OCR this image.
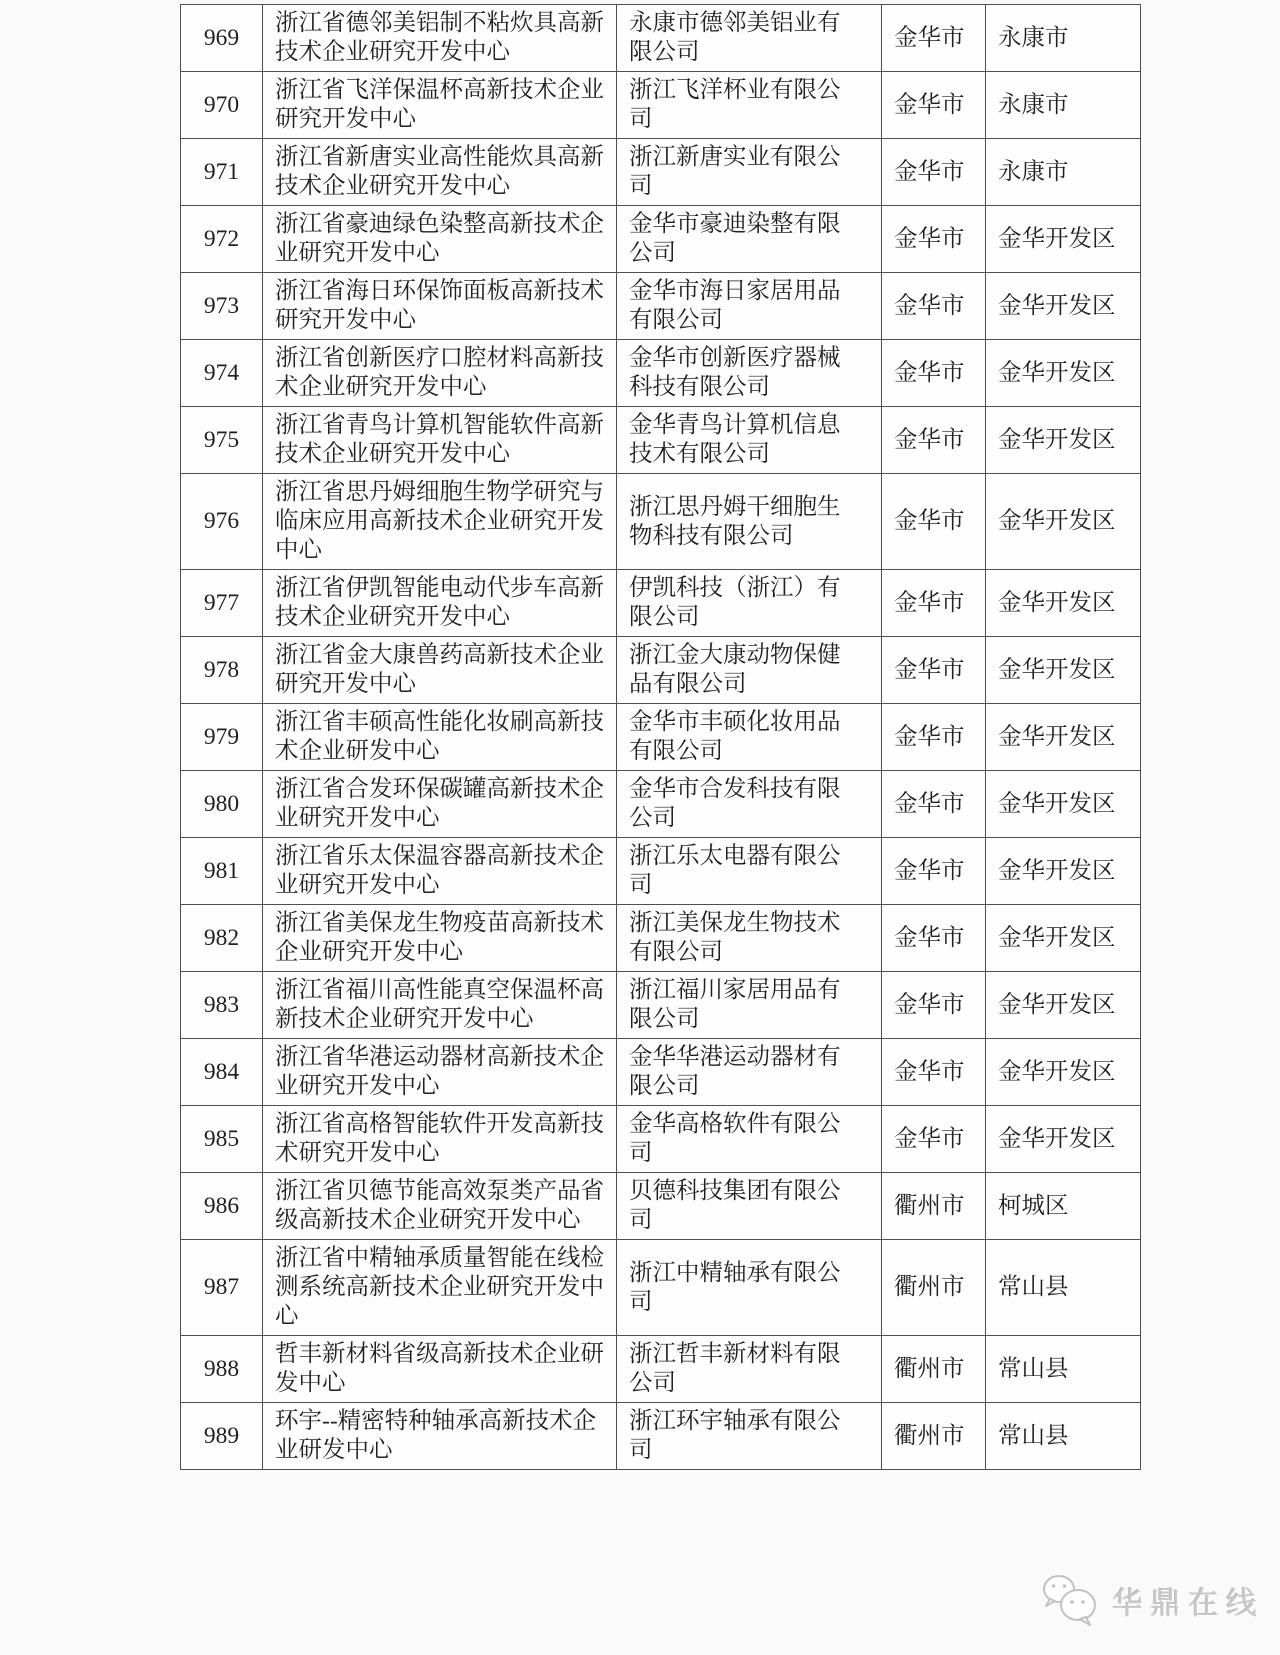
969	浙江省德邻美铝制不粘炊具高新技术企业研究开发中心	永康市德邻美铝业有限公司	金华市	永康市
970	浙江省飞洋保温杯高新技术企业研究开发中心	浙江飞洋杯业有限公司	金华市	永康市
971	浙江省新唐实业高性能炊具高新技术企业研究开发中心	浙江新唐实业有限公司	金华市	永康市
972	浙江省豪迪绿色染整高新技术企业研究开发中心	金华市豪迪染整有限公司	金华市	金华开发区
973	浙江省海日环保饰面板高新技术研究开发中心	金华市海日家居用品有限公司	金华市	金华开发区
974	浙江省创新医疗口腔材料高新技术企业研究开发中心	金华市创新医疗器械科技有限公司	金华市	金华开发区
975	浙江省青鸟计算机智能软件高新技术企业研究开发中心	金华青鸟计算机信息技术有限公司	金华市	金华开发区
976	浙江省思丹姆细胞生物学研究与临床应用高新技术企业研究开发中心	浙江思丹姆干细胞生物科技有限公司	金华市	金华开发区
977	浙江省伊凯智能电动代步车高新技术企业研究开发中心	伊凯科技（浙江）有限公司	金华市	金华开发区
978	浙江省金大康兽药高新技术企业研究开发中心	浙江金大康动物保健品有限公司	金华市	金华开发区
979	浙江省丰硕高性能化妆刷高新技术企业研发中心	金华市丰硕化妆用品有限公司	金华市	金华开发区
980	浙江省合发环保碳罐高新技术企业研究开发中心	金华市合发科技有限公司	金华市	金华开发区
981	浙江省乐太保温容器高新技术企业研究开发中心	浙江乐太电器有限公司	金华市	金华开发区
982	浙江省美保龙生物疫苗高新技术企业研究开发中心	浙江美保龙生物技术有限公司	金华市	金华开发区
983	浙江省福川高性能真空保温杯高新技术企业研究开发中心	浙江福川家居用品有限公司	金华市	金华开发区
984	浙江省华港运动器材高新技术企业研究开发中心	金华华港运动器材有限公司	金华市	金华开发区
985	浙江省高格智能软件开发高新技术研究开发中心	金华高格软件有限公司	金华市	金华开发区
986	浙江省贝德节能高效泵类产品省级高新技术企业研究开发中心	贝德科技集团有限公司	衢州市	柯城区
987	浙江省中精轴承质量智能在线检测系统高新技术企业研究开发中心	浙江中精轴承有限公司	衢州市	常山县
988	哲丰新材料省级高新技术企业研发中心	浙江哲丰新材料有限公司	衢州市	常山县
989	环宇--精密特种轴承高新技术企业研发中心	浙江环宇轴承有限公司	衢州市	常山县
华鼎在线
